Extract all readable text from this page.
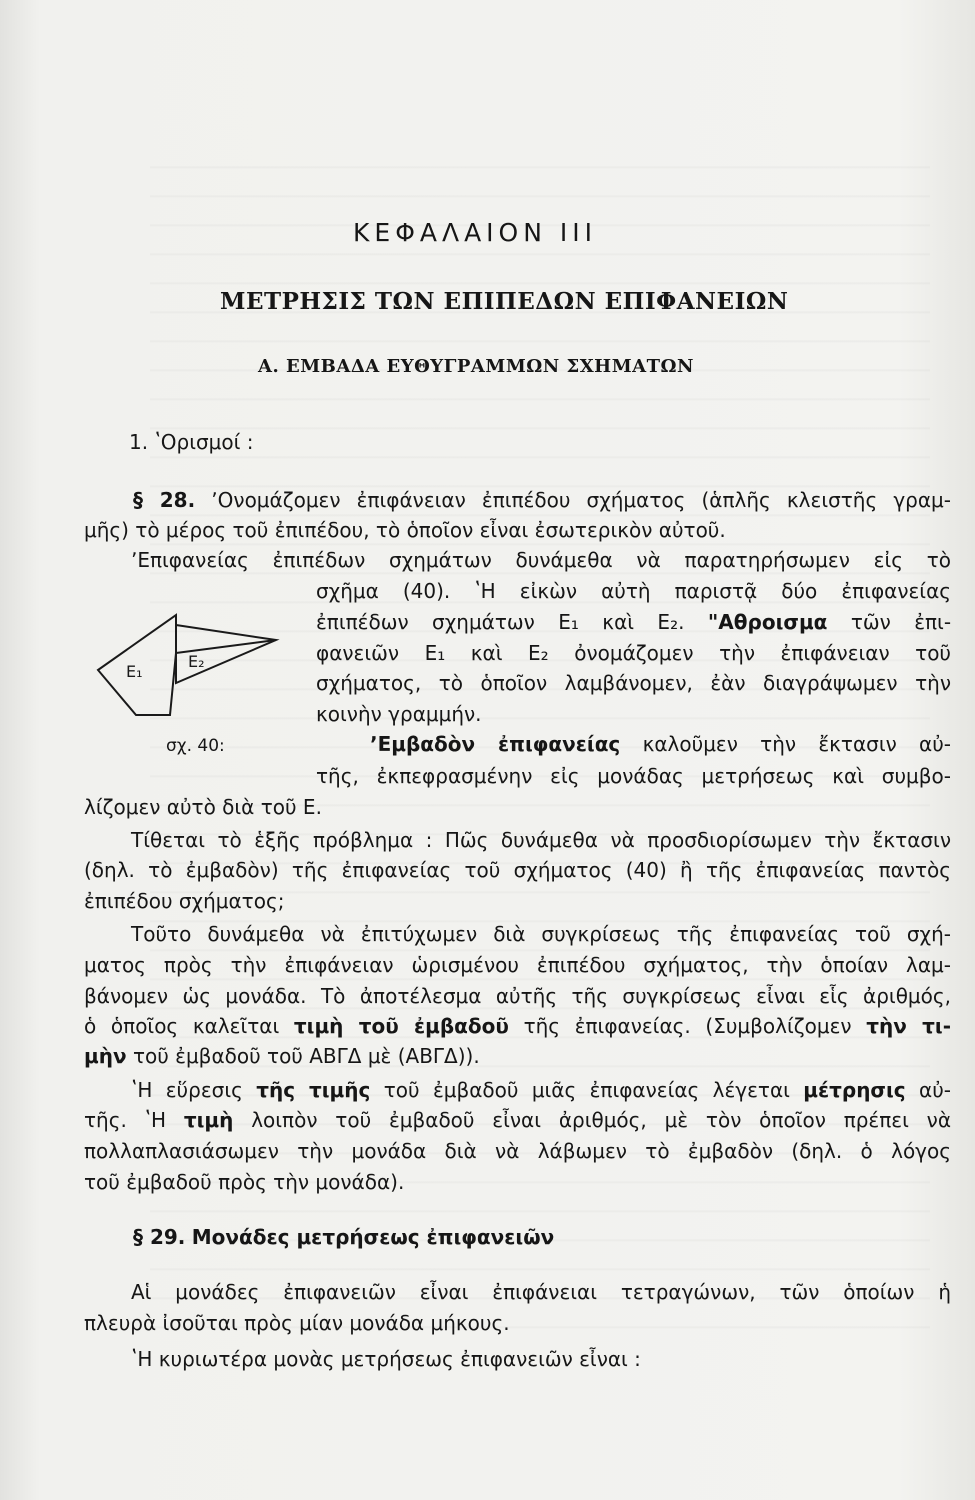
ΚΕΦΑΛΑΙΟΝ III
ΜΕΤΡΗΣΙΣ ΤΩΝ ΕΠΙΠΕΔΩΝ ΕΠΙΦΑΝΕΙΩΝ
Α. ΕΜΒΑΔΑ ΕΥΘΥΓΡΑΜΜΩΝ ΣΧΗΜΑΤΩΝ
1. ʽΟρισμοί :
§ 28. ʼΟνομάζομεν ἐπιφάνειαν ἐπιπέδου σχήματος (ἁπλῆς κλειστῆς γραμ-
μῆς) τὸ μέρος τοῦ ἐπιπέδου, τὸ ὁποῖον εἶναι ἐσωτερικὸν αὐτοῦ.
ʼΕπιφανείας ἐπιπέδων σχημάτων δυνάμεθα νὰ παρατηρήσωμεν εἰς τὸ
σχῆμα (40). ʽΗ εἰκὼν αὐτὴ παριστᾷ δύο ἐπιφανείας
ἐπιπέδων σχημάτων Ε₁ καὶ Ε₂. "Αθροισμα τῶν ἐπι-
φανειῶν Ε₁ καὶ Ε₂ ὀνομάζομεν τὴν ἐπιφάνειαν τοῦ
σχήματος, τὸ ὁποῖον λαμβάνομεν, ἐὰν διαγράψωμεν τὴν
κοινὴν γραμμήν.
E₁
E₂
σχ. 40:	ʼΕμβαδὸν ἐπιφανείας καλοῦμεν τὴν ἔκτασιν αὐ-
τῆς, ἐκπεφρασμένην εἰς μονάδας μετρήσεως καὶ συμβο-
λίζομεν αὐτὸ διὰ τοῦ Ε.
Τίθεται τὸ ἑξῆς πρόβλημα : Πῶς δυνάμεθα νὰ προσδιορίσωμεν τὴν ἔκτασιν
(δηλ. τὸ ἐμβαδὸν) τῆς ἐπιφανείας τοῦ σχήματος (40) ἢ τῆς ἐπιφανείας παντὸς
ἐπιπέδου σχήματος;
Τοῦτο δυνάμεθα νὰ ἐπιτύχωμεν διὰ συγκρίσεως τῆς ἐπιφανείας τοῦ σχή-
ματος πρὸς τὴν ἐπιφάνειαν ὡρισμένου ἐπιπέδου σχήματος, τὴν ὁποίαν λαμ-
βάνομεν ὡς μονάδα. Τὸ ἀποτέλεσμα αὐτῆς τῆς συγκρίσεως εἶναι εἷς ἀριθμός,
ὁ ὁποῖος καλεῖται τιμὴ τοῦ ἐμβαδοῦ τῆς ἐπιφανείας. (Συμβολίζομεν τὴν τι-
μὴν τοῦ ἐμβαδοῦ τοῦ ΑΒΓΔ μὲ (ΑΒΓΔ)).
ʽΗ εὕρεσις τῆς τιμῆς τοῦ ἐμβαδοῦ μιᾶς ἐπιφανείας λέγεται μέτρησις αὐ-
τῆς. ʽΗ τιμὴ λοιπὸν τοῦ ἐμβαδοῦ εἶναι ἀριθμός, μὲ τὸν ὁποῖον πρέπει νὰ
πολλαπλασιάσωμεν τὴν μονάδα διὰ νὰ λάβωμεν τὸ ἐμβαδὸν (δηλ. ὁ λόγος
τοῦ ἐμβαδοῦ πρὸς τὴν μονάδα).
§ 29. Μονάδες μετρήσεως ἐπιφανειῶν
Αἱ μονάδες ἐπιφανειῶν εἶναι ἐπιφάνειαι τετραγώνων, τῶν ὁποίων ἡ
πλευρὰ ἰσοῦται πρὸς μίαν μονάδα μήκους.
ʽΗ κυριωτέρα μονὰς μετρήσεως ἐπιφανειῶν εἶναι :
